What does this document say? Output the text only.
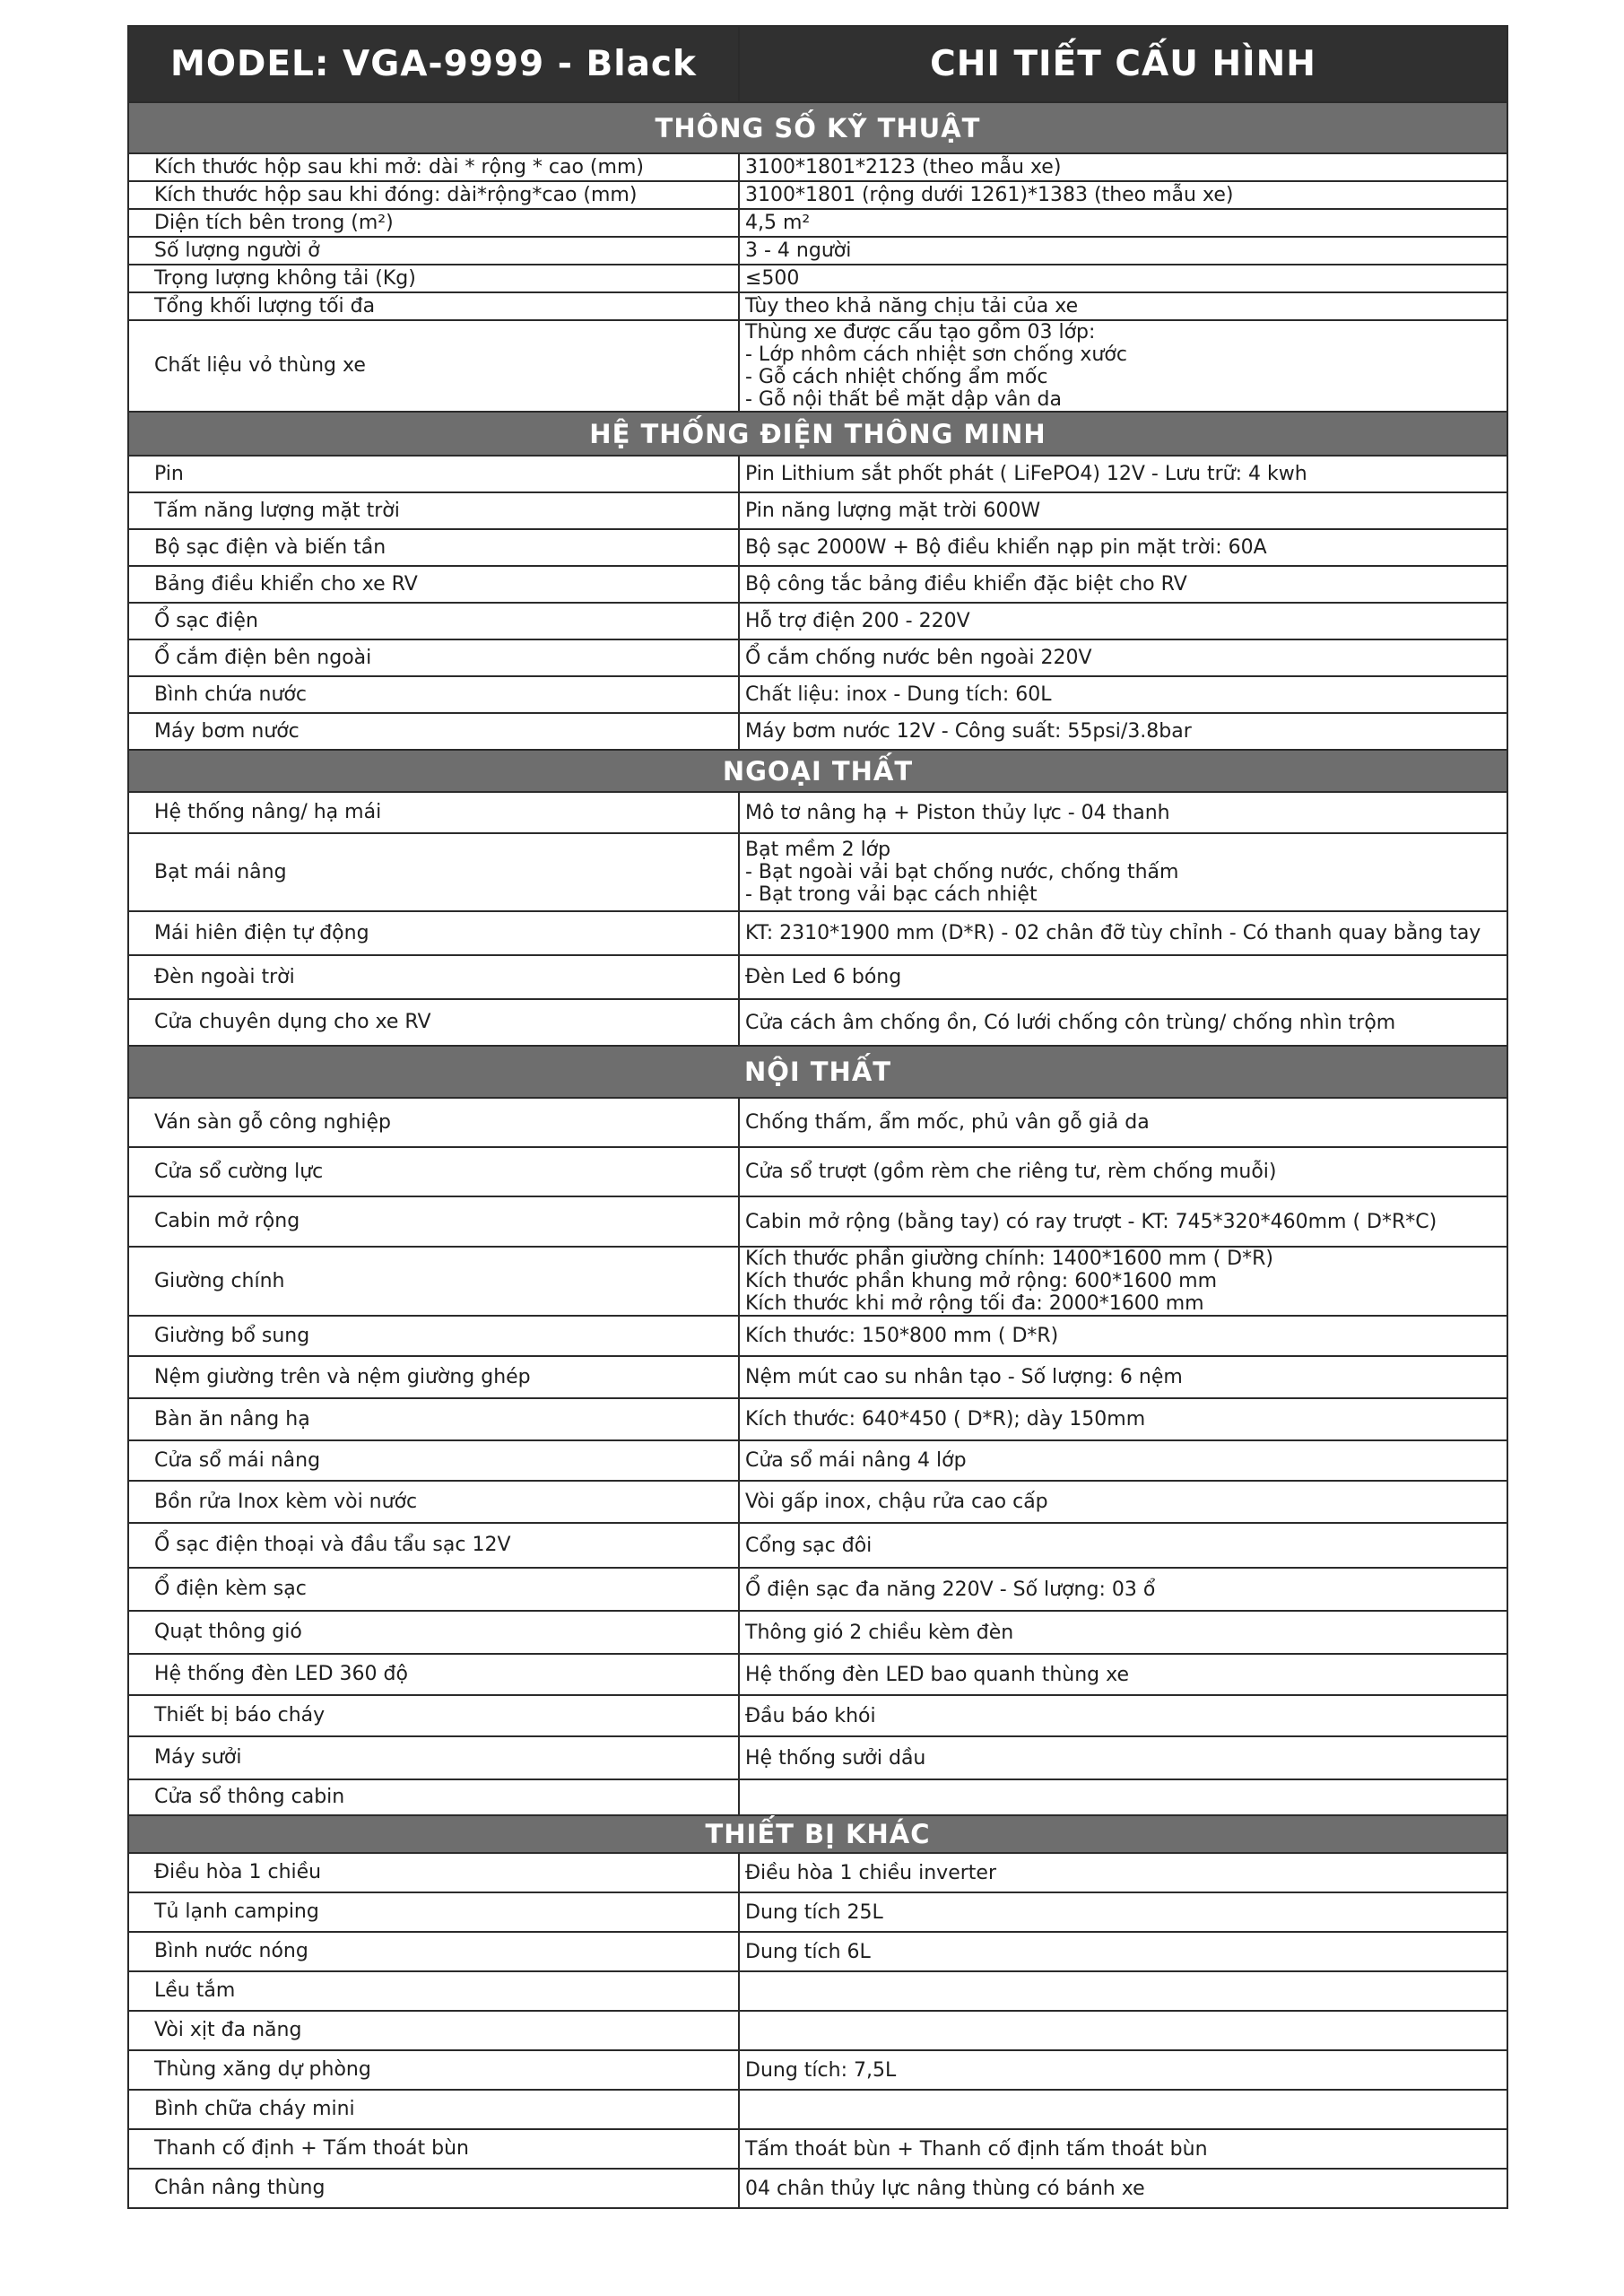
MODEL: VGA-9999 - Black	CHI TIẾT CẤU HÌNH
THÔNG SỐ KỸ THUẬT	
Kích thước hộp sau khi mở: dài * rộng * cao (mm)	3100*1801*2123 (theo mẫu xe)

Kích thước hộp sau khi đóng: dài*rộng*cao (mm)	3100*1801 (rộng dưới 1261)*1383 (theo mẫu xe)

Diện tích bên trong (m²)	4,5 m²

Số lượng người ở	3 - 4 người

Trọng lượng không tải (Kg)	≤500

Tổng khối lượng tối đa	Tùy theo khả năng chịu tải của xe

Chất liệu vỏ thùng xe	Thùng xe được cấu tạo gồm 03 lớp:
- Lớp nhôm cách nhiệt sơn chống xước
- Gỗ cách nhiệt chống ẩm mốc
- Gỗ nội thất bề mặt dập vân da

HỆ THỐNG ĐIỆN THÔNG MINH	
Pin	Pin Lithium sắt phốt phát ( LiFePO4) 12V - Lưu trữ: 4 kwh

Tấm năng lượng mặt trời	Pin năng lượng mặt trời 600W

Bộ sạc điện và biến tần	Bộ sạc 2000W + Bộ điều khiển nạp pin mặt trời: 60A

Bảng điều khiển cho xe RV	Bộ công tắc bảng điều khiển đặc biệt cho RV

Ổ sạc điện	Hỗ trợ điện 200 - 220V

Ổ cắm điện bên ngoài	Ổ cắm chống nước bên ngoài 220V

Bình chứa nước	Chất liệu: inox - Dung tích: 60L

Máy bơm nước	Máy bơm nước 12V - Công suất: 55psi/3.8bar

NGOẠI THẤT	
Hệ thống nâng/ hạ mái	Mô tơ nâng hạ + Piston thủy lực - 04 thanh

Bạt mái nâng	Bạt mềm 2 lớp
- Bạt ngoài vải bạt chống nước, chống thấm
- Bạt trong vải bạc cách nhiệt

Mái hiên điện tự động	KT: 2310*1900 mm (D*R) - 02 chân đỡ tùy chỉnh - Có thanh quay bằng tay

Đèn ngoài trời	Đèn Led 6 bóng

Cửa chuyên dụng cho xe RV	Cửa cách âm chống ồn, Có lưới chống côn trùng/ chống nhìn trộm

NỘI THẤT	
Ván sàn gỗ công nghiệp	Chống thấm, ẩm mốc, phủ vân gỗ giả da

Cửa sổ cường lực	Cửa sổ trượt (gồm rèm che riêng tư, rèm chống muỗi)

Cabin mở rộng	Cabin mở rộng (bằng tay) có ray trượt - KT: 745*320*460mm ( D*R*C)

Giường chính	Kích thước phần giường chính: 1400*1600 mm ( D*R)
Kích thước phần khung mở rộng: 600*1600 mm
Kích thước khi mở rộng tối đa: 2000*1600 mm

Giường bổ sung	Kích thước: 150*800 mm ( D*R)

Nệm giường trên và nệm giường ghép	Nệm mút cao su nhân tạo - Số lượng: 6 nệm

Bàn ăn nâng hạ	Kích thước: 640*450 ( D*R); dày 150mm

Cửa sổ mái nâng	Cửa sổ mái nâng 4 lớp

Bồn rửa Inox kèm vòi nước	Vòi gấp inox, chậu rửa cao cấp

Ổ sạc điện thoại và đầu tẩu sạc 12V	Cổng sạc đôi

Ổ điện kèm sạc	Ổ điện sạc đa năng 220V - Số lượng: 03 ổ

Quạt thông gió	Thông gió 2 chiều kèm đèn

Hệ thống đèn LED 360 độ	Hệ thống đèn LED bao quanh thùng xe

Thiết bị báo cháy	Đầu báo khói

Máy sưởi	Hệ thống sưởi dầu

Cửa sổ thông cabin	

THIẾT BỊ KHÁC	
Điều hòa 1 chiều	Điều hòa 1 chiều inverter

Tủ lạnh camping	Dung tích 25L

Bình nước nóng	Dung tích 6L

Lều tắm	

Vòi xịt đa năng	

Thùng xăng dự phòng	Dung tích: 7,5L

Bình chữa cháy mini	

Thanh cố định + Tấm thoát bùn	Tấm thoát bùn + Thanh cố định tấm thoát bùn

Chân nâng thùng	04 chân thủy lực nâng thùng có bánh xe
